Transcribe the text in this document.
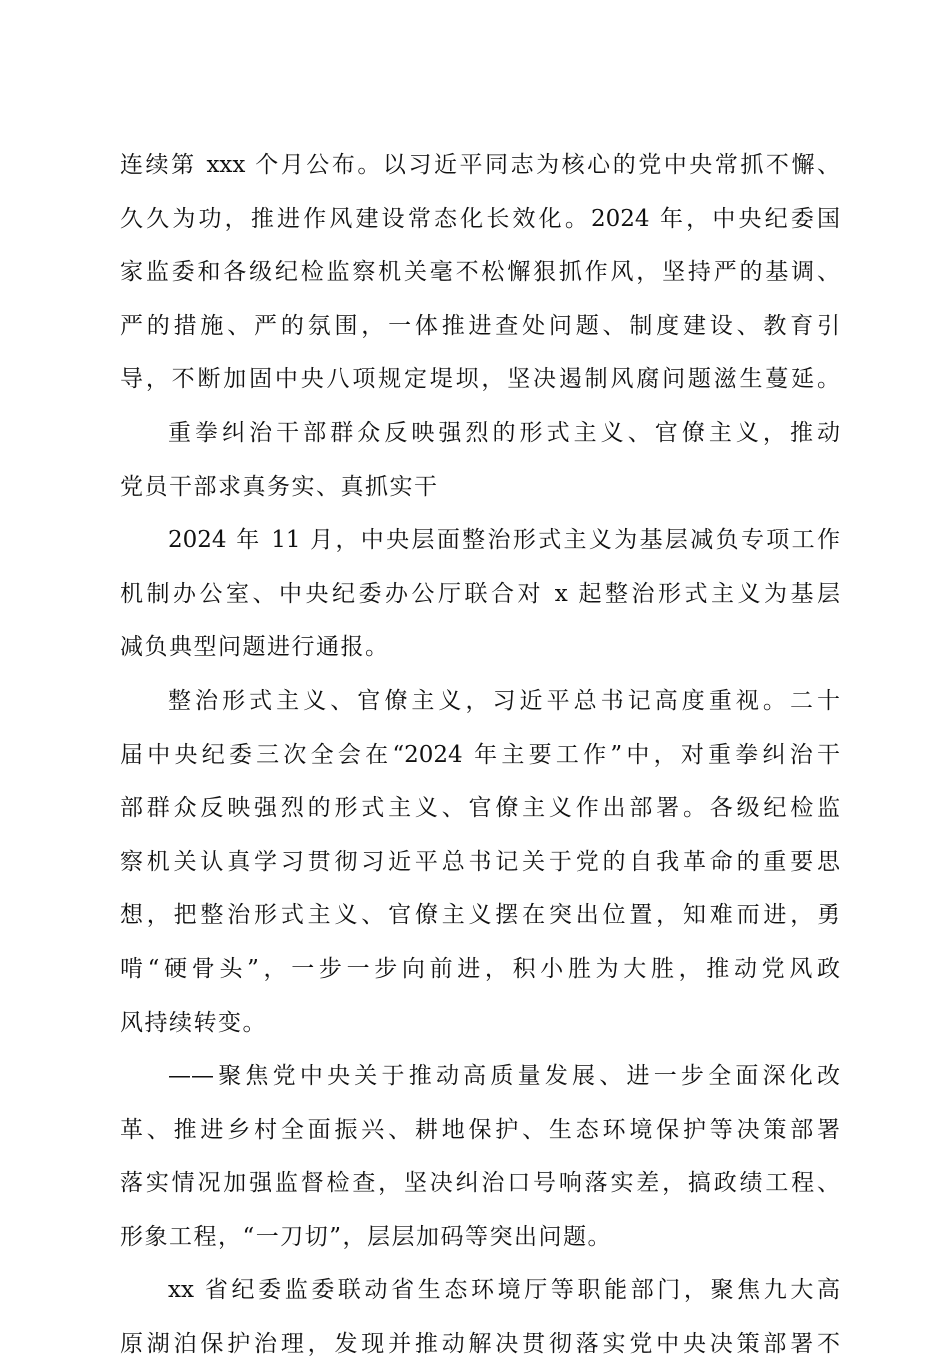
连续第 xxx 个月公布。以习近平同志为核心的党中央常抓不懈、
久久为功，推进作风建设常态化长效化。2024 年，中央纪委国
家监委和各级纪检监察机关毫不松懈狠抓作风，坚持严的基调、
严的措施、严的氛围，一体推进查处问题、制度建设、教育引
导，不断加固中央八项规定堤坝，坚决遏制风腐问题滋生蔓延。
重拳纠治干部群众反映强烈的形式主义、官僚主义，推动
党员干部求真务实、真抓实干
2024 年 11 月，中央层面整治形式主义为基层减负专项工作
机制办公室、中央纪委办公厅联合对 x 起整治形式主义为基层
减负典型问题进行通报。
整治形式主义、官僚主义，习近平总书记高度重视。二十
届中央纪委三次全会在“2024 年主要工作”中，对重拳纠治干
部群众反映强烈的形式主义、官僚主义作出部署。各级纪检监
察机关认真学习贯彻习近平总书记关于党的自我革命的重要思
想，把整治形式主义、官僚主义摆在突出位置，知难而进，勇
啃“硬骨头”，一步一步向前进，积小胜为大胜，推动党风政
风持续转变。
——聚焦党中央关于推动高质量发展、进一步全面深化改
革、推进乡村全面振兴、耕地保护、生态环境保护等决策部署
落实情况加强监督检查，坚决纠治口号响落实差，搞政绩工程、
形象工程，“一刀切”，层层加码等突出问题。
xx 省纪委监委联动省生态环境厅等职能部门，聚焦九大高
原湖泊保护治理，发现并推动解决贯彻落实党中央决策部署不
